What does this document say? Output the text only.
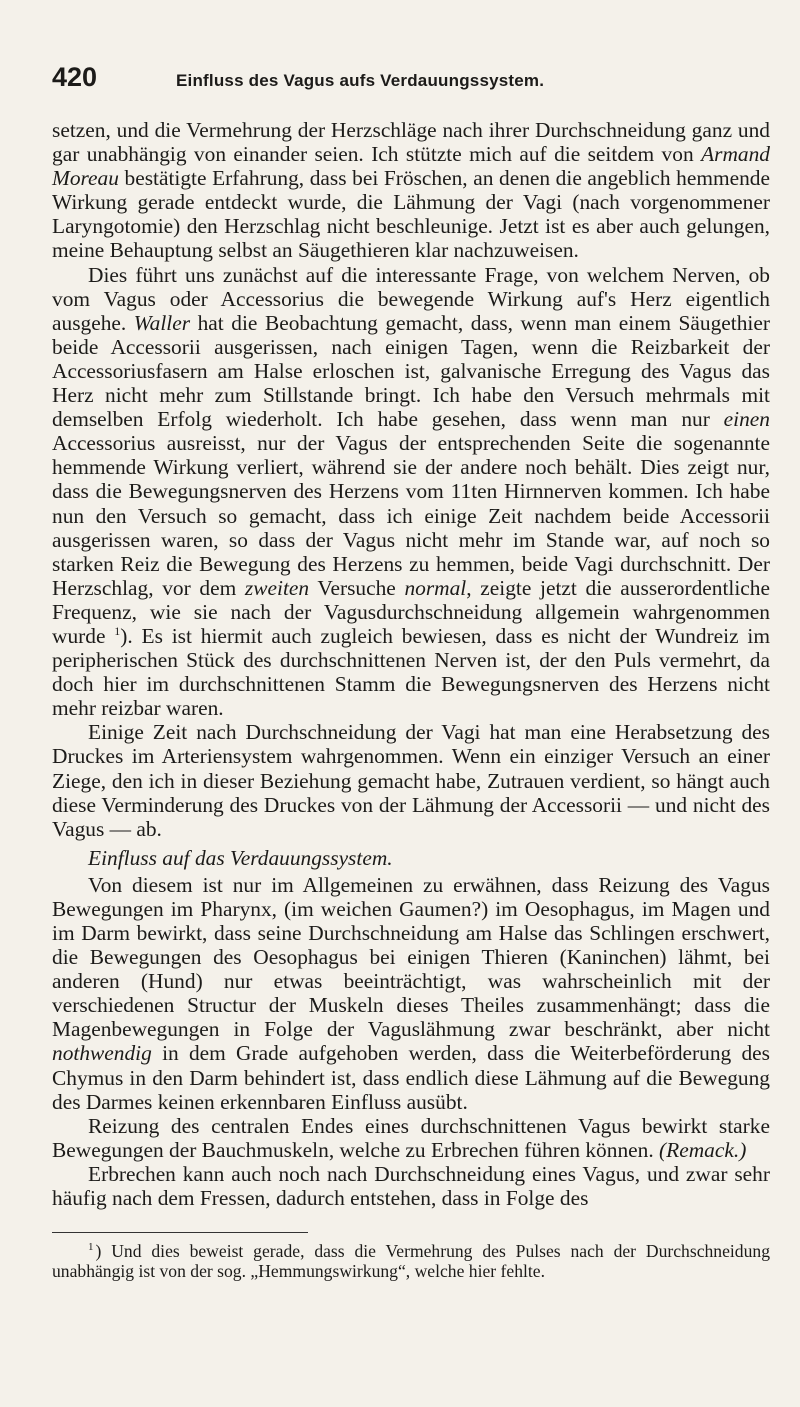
420	Einfluss des Vagus aufs Verdauungssystem.

setzen, und die Vermehrung der Herzschläge nach ihrer Durchschneidung ganz und gar unabhängig von einander seien. Ich stützte mich auf die seitdem von Armand Moreau bestätigte Erfahrung, dass bei Fröschen, an denen die angeblich hemmende Wirkung gerade entdeckt wurde, die Lähmung der Vagi (nach vorgenommener Laryngotomie) den Herzschlag nicht beschleunige. Jetzt ist es aber auch gelungen, meine Behauptung selbst an Säugethieren klar nachzuweisen.

Dies führt uns zunächst auf die interessante Frage, von welchem Nerven, ob vom Vagus oder Accessorius die bewegende Wirkung auf's Herz eigentlich ausgehe. Waller hat die Beobachtung gemacht, dass, wenn man einem Säugethier beide Accessorii ausgerissen, nach einigen Tagen, wenn die Reizbarkeit der Accessoriusfasern am Halse erloschen ist, galvanische Erregung des Vagus das Herz nicht mehr zum Stillstande bringt. Ich habe den Versuch mehrmals mit demselben Erfolg wiederholt. Ich habe gesehen, dass wenn man nur einen Accessorius ausreisst, nur der Vagus der entsprechenden Seite die sogenannte hemmende Wirkung verliert, während sie der andere noch behält. Dies zeigt nur, dass die Bewegungsnerven des Herzens vom 11ten Hirnnerven kommen. Ich habe nun den Versuch so gemacht, dass ich einige Zeit nachdem beide Accessorii ausgerissen waren, so dass der Vagus nicht mehr im Stande war, auf noch so starken Reiz die Bewegung des Herzens zu hemmen, beide Vagi durchschnitt. Der Herzschlag, vor dem zweiten Versuche normal, zeigte jetzt die ausserordentliche Frequenz, wie sie nach der Vagusdurchschneidung allgemein wahrgenommen wurde $^1$). Es ist hiermit auch zugleich bewiesen, dass es nicht der Wundreiz im peripherischen Stück des durchschnittenen Nerven ist, der den Puls vermehrt, da doch hier im durchschnittenen Stamm die Bewegungsnerven des Herzens nicht mehr reizbar waren.

Einige Zeit nach Durchschneidung der Vagi hat man eine Herabsetzung des Druckes im Arteriensystem wahrgenommen. Wenn ein einziger Versuch an einer Ziege, den ich in dieser Beziehung gemacht habe, Zutrauen verdient, so hängt auch diese Verminderung des Druckes von der Lähmung der Accessorii — und nicht des Vagus — ab.

Einfluss auf das Verdauungssystem.

Von diesem ist nur im Allgemeinen zu erwähnen, dass Reizung des Vagus Bewegungen im Pharynx, (im weichen Gaumen?) im Oesophagus, im Magen und im Darm bewirkt, dass seine Durchschneidung am Halse das Schlingen erschwert, die Bewegungen des Oesophagus bei einigen Thieren (Kaninchen) lähmt, bei anderen (Hund) nur etwas beeinträchtigt, was wahrscheinlich mit der verschiedenen Structur der Muskeln dieses Theiles zusammenhängt; dass die Magenbewegungen in Folge der Vaguslähmung zwar beschränkt, aber nicht nothwendig in dem Grade aufgehoben werden, dass die Weiterbeförderung des Chymus in den Darm behindert ist, dass endlich diese Lähmung auf die Bewegung des Darmes keinen erkennbaren Einfluss ausübt.

Reizung des centralen Endes eines durchschnittenen Vagus bewirkt starke Bewegungen der Bauchmuskeln, welche zu Erbrechen führen können. (Remack.)

Erbrechen kann auch noch nach Durchschneidung eines Vagus, und zwar sehr häufig nach dem Fressen, dadurch entstehen, dass in Folge des

$^1$ ) Und dies beweist gerade, dass die Vermehrung des Pulses nach der Durchschneidung unabhängig ist von der sog. „Hemmungswirkung“, welche hier fehlte.
